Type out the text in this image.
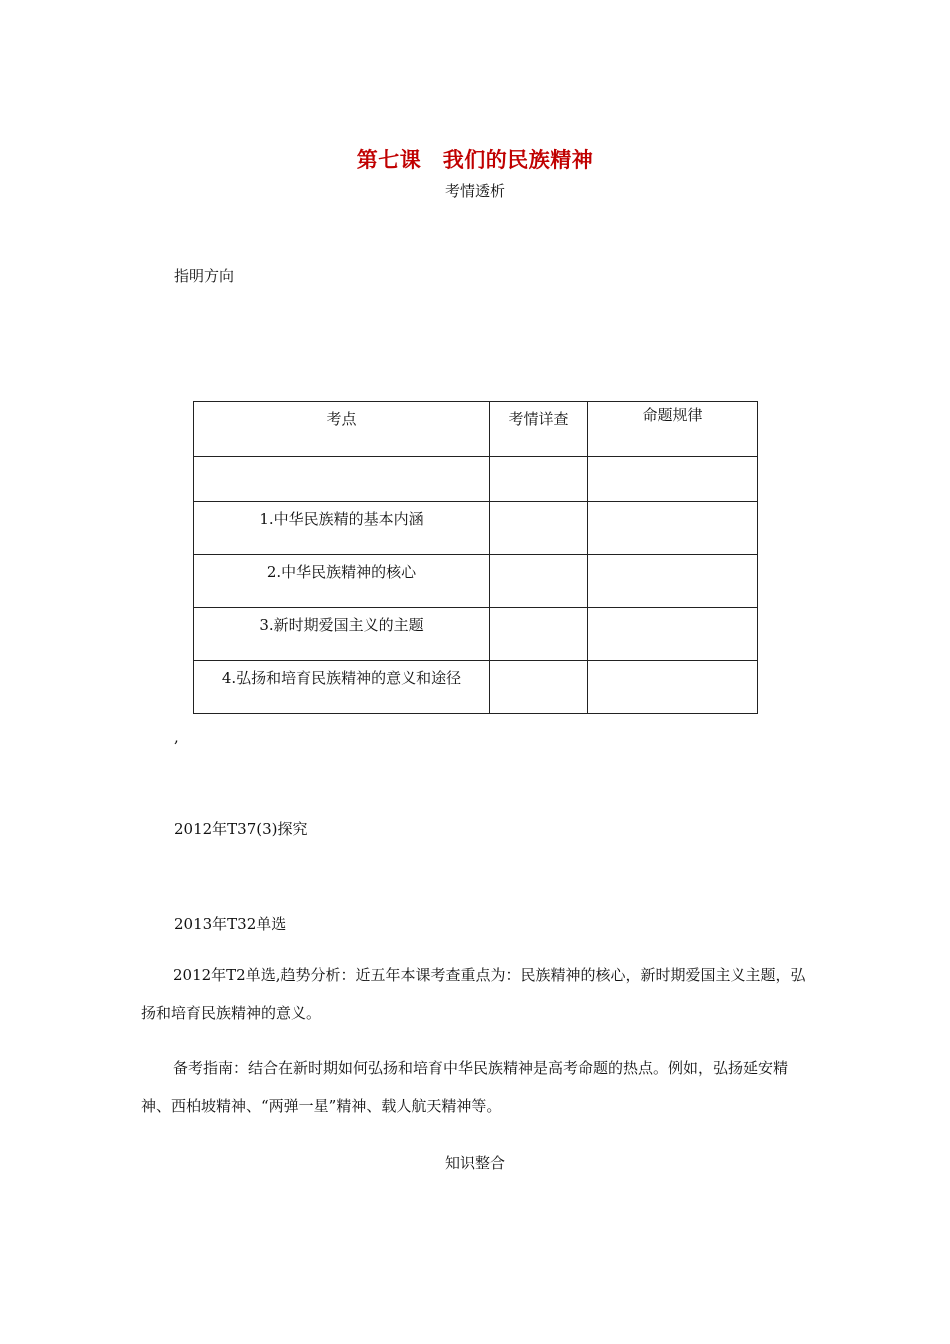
第七课　我们的民族精神
考情透析
指明方向
考点	考情详查	命题规律

1.中华民族精的基本内涵		

2.中华民族精神的核心		

3.新时期爱国主义的主题		

4.弘扬和培育民族精神的意义和途径		

,
2012年T37(3)探究
2013年T32单选

2012年T2单选,趋势分析：近五年本课考查重点为：民族精神的核心，新时期爱国主义主题，弘扬和培育民族精神的意义。

备考指南：结合在新时期如何弘扬和培育中华民族精神是高考命题的热点。例如，弘扬延安精神、西柏坡精神、“两弹一星”精神、载人航天精神等。

知识整合
